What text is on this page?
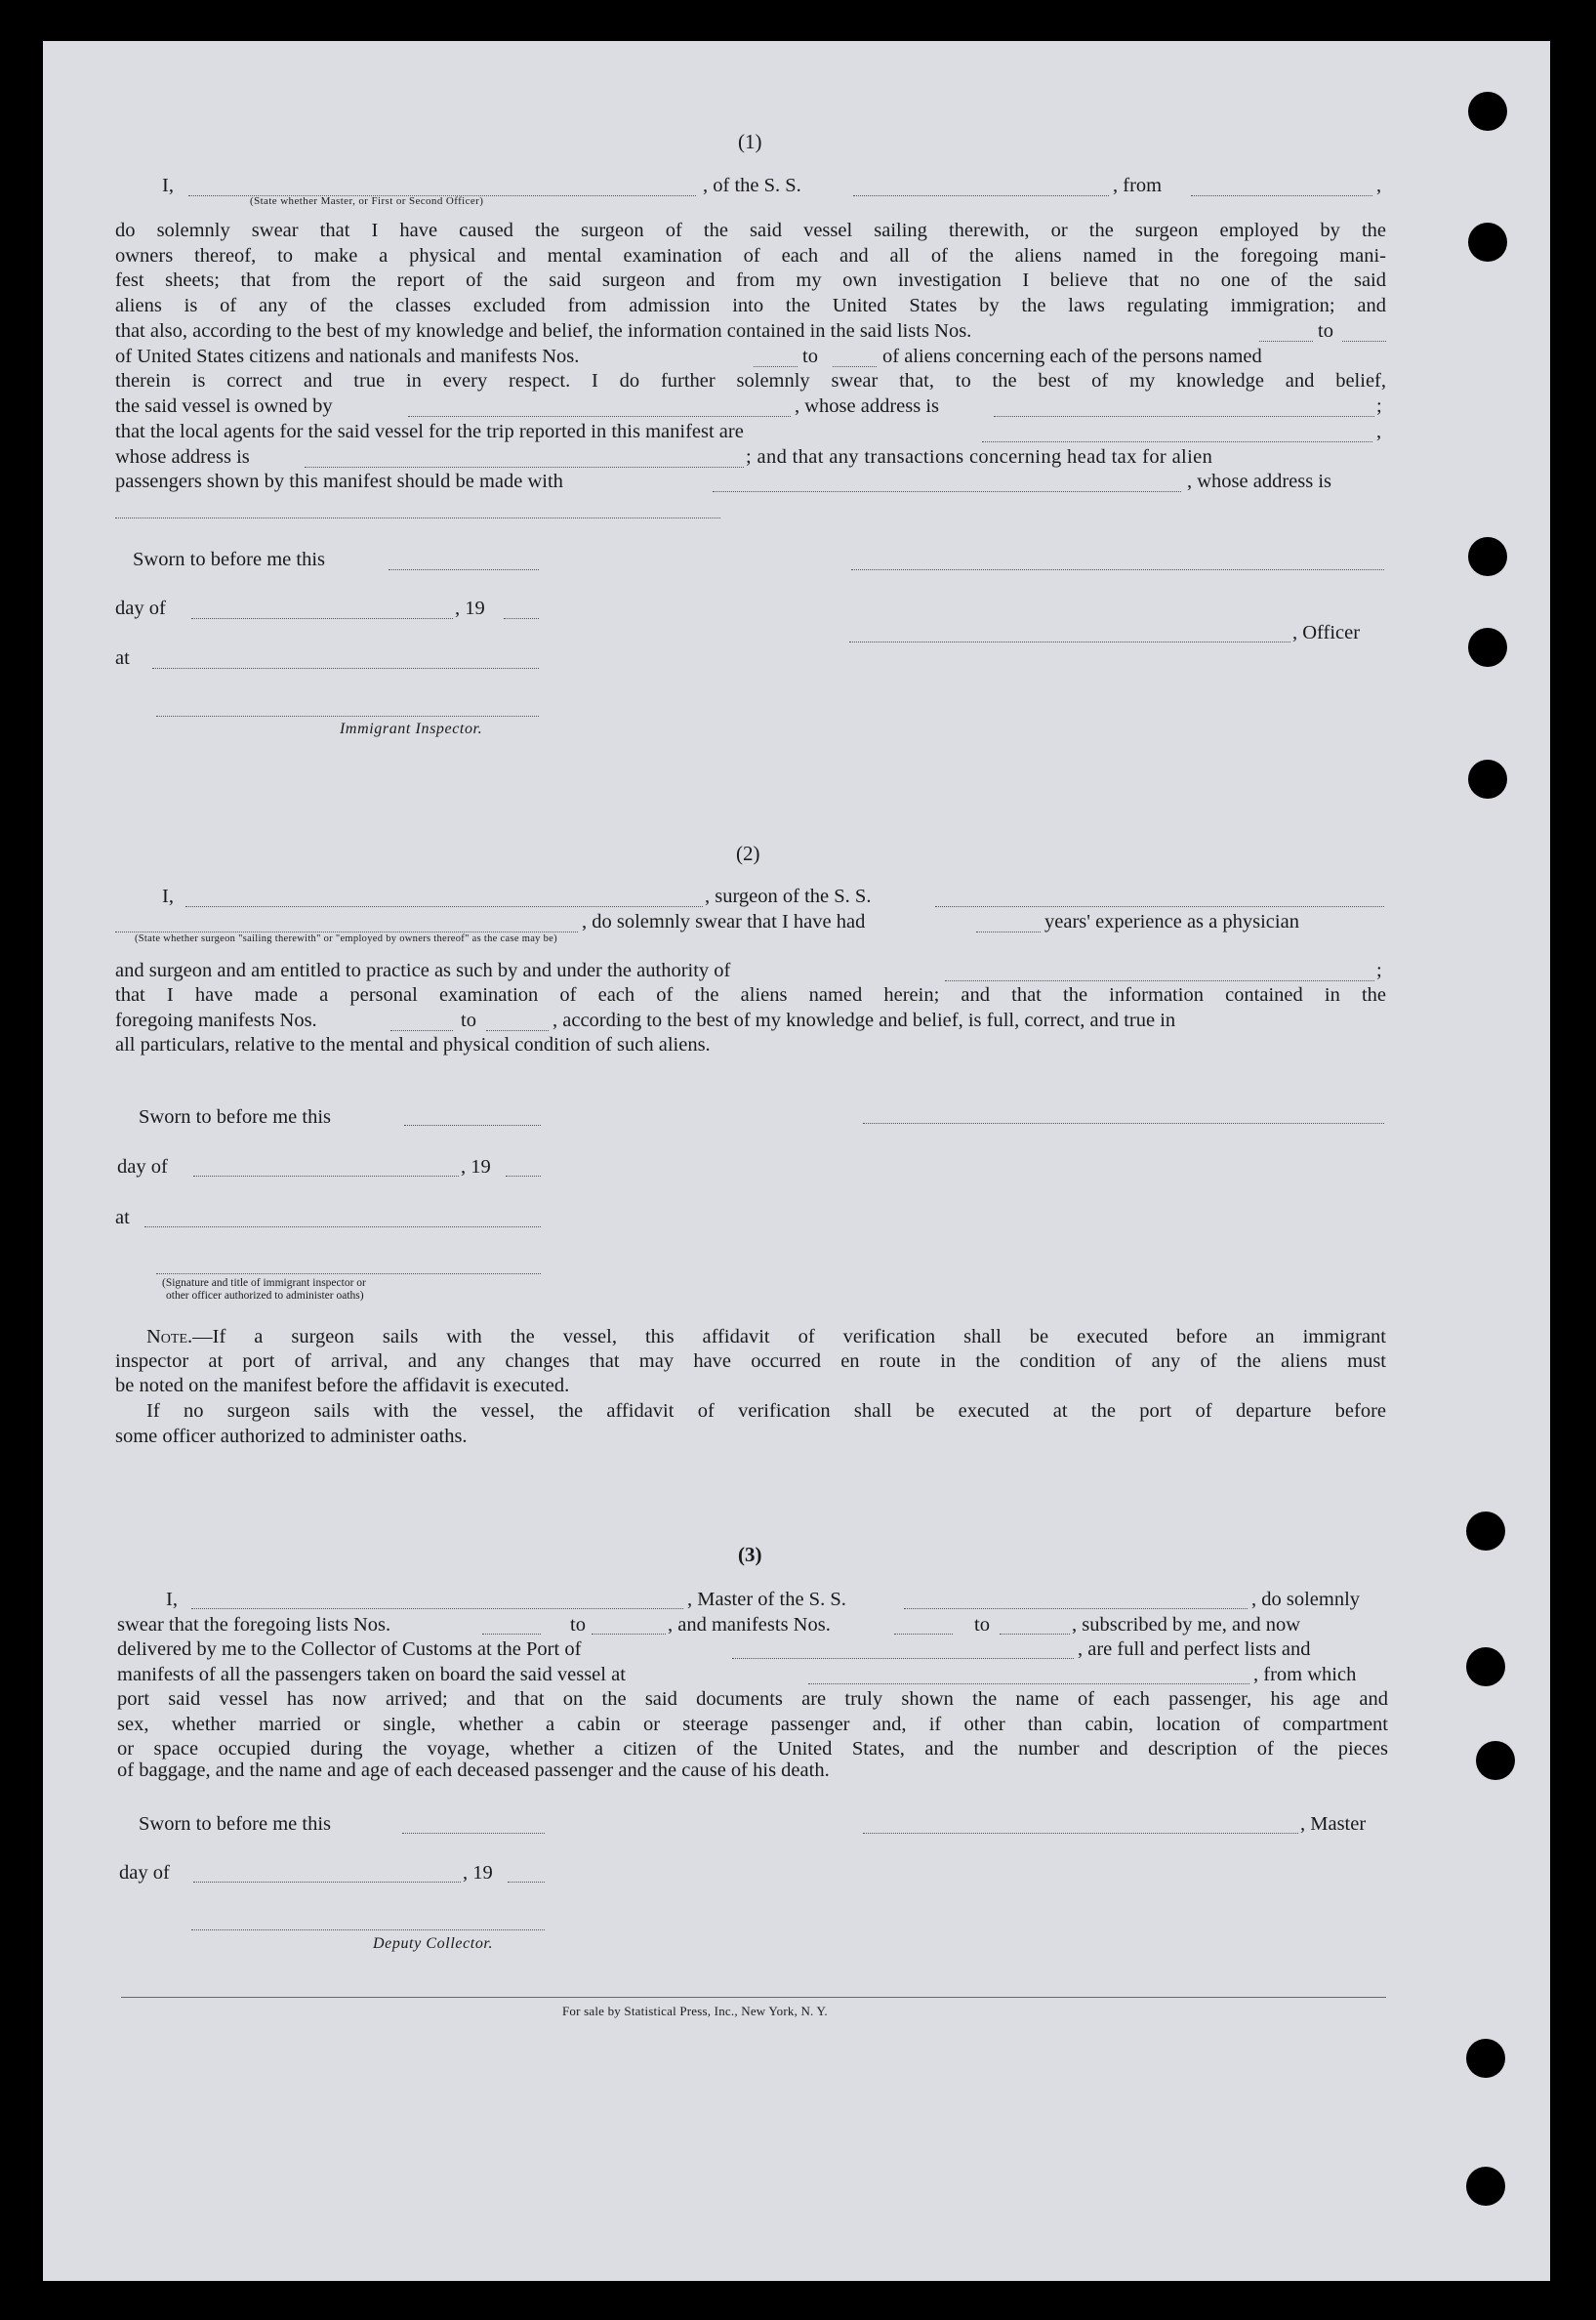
(1)
I,
(State whether Master, or First or Second Officer)
, of the S. S.	, from	,
do solemnly swear that I have caused the surgeon of the said vessel sailing therewith, or the surgeon employed by the
owners thereof, to make a physical and mental examination of each and all of the aliens named in the foregoing mani-
fest sheets; that from the report of the said surgeon and from my own investigation I believe that no one of the said
aliens is of any of the classes excluded from admission into the United States by the laws regulating immigration; and
that also, according to the best of my knowledge and belief, the information contained in the said lists Nos.	to
of United States citizens and nationals and manifests Nos.	to	of aliens concerning each of the persons named
therein is correct and true in every respect. I do further solemnly swear that, to the best of my knowledge and belief,
the said vessel is owned by	, whose address is	;
that the local agents for the said vessel for the trip reported in this manifest are	,
whose address is	; and that any transactions concerning head tax for alien
passengers shown by this manifest should be made with	, whose address is
Sworn to before me this
day of	, 19
, Officer
at
Immigrant Inspector.
(2)
I,	, surgeon of the S. S.
, do solemnly swear that I have had	years' experience as a physician
(State whether surgeon "sailing therewith" or "employed by owners thereof" as the case may be)
and surgeon and am entitled to practice as such by and under the authority of	;
that I have made a personal examination of each of the aliens named herein; and that the information contained in the
foregoing manifests Nos.	to	, according to the best of my knowledge and belief, is full, correct, and true in
all particulars, relative to the mental and physical condition of such aliens.
Sworn to before me this
day of	, 19
at
(Signature and title of immigrant inspector or
other officer authorized to administer oaths)
Note.—If a surgeon sails with the vessel, this affidavit of verification shall be executed before an immigrant
inspector at port of arrival, and any changes that may have occurred en route in the condition of any of the aliens must
be noted on the manifest before the affidavit is executed.
If no surgeon sails with the vessel, the affidavit of verification shall be executed at the port of departure before
some officer authorized to administer oaths.
(3)
I,	, Master of the S. S.	, do solemnly
swear that the foregoing lists Nos.	to	, and manifests Nos.	to	, subscribed by me, and now
delivered by me to the Collector of Customs at the Port of	, are full and perfect lists and
manifests of all the passengers taken on board the said vessel at	, from which
port said vessel has now arrived; and that on the said documents are truly shown the name of each passenger, his age and
sex, whether married or single, whether a cabin or steerage passenger and, if other than cabin, location of compartment
or space occupied during the voyage, whether a citizen of the United States, and the number and description of the pieces
of baggage, and the name and age of each deceased passenger and the cause of his death.
Sworn to before me this	, Master
day of	, 19
Deputy Collector.
For sale by Statistical Press, Inc., New York, N. Y.
